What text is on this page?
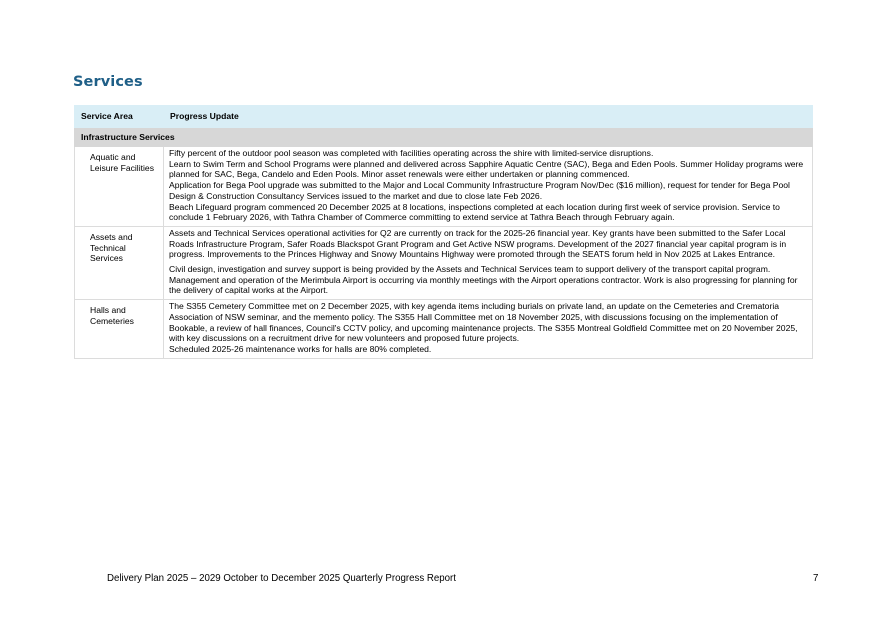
Services
Service Area	Progress Update
Infrastructure Services	
Aquatic and Leisure Facilities	Fifty percent of the outdoor pool season was completed with facilities operating across the shire with limited-service disruptions.

Learn to Swim Term and School Programs were planned and delivered across Sapphire Aquatic Centre (SAC), Bega and Eden Pools. Summer Holiday programs were planned for SAC, Bega, Candelo and Eden Pools. Minor asset renewals were either undertaken or planning commenced.

Application for Bega Pool upgrade was submitted to the Major and Local Community Infrastructure Program Nov/Dec ($16 million), request for tender for Bega Pool Design & Construction Consultancy Services issued to the market and due to close late Feb 2026.

Beach Lifeguard program commenced 20 December 2025 at 8 locations, inspections completed at each location during first week of service provision. Service to conclude 1 February 2026, with Tathra Chamber of Commerce committing to extend service at Tathra Beach through February again.

Assets and Technical Services	Assets and Technical Services operational activities for Q2 are currently on track for the 2025-26 financial year. Key grants have been submitted to the Safer Local Roads Infrastructure Program, Safer Roads Blackspot Grant Program and Get Active NSW programs. Development of the 2027 financial year capital program is in progress. Improvements to the Princes Highway and Snowy Mountains Highway were promoted through the SEATS forum held in Nov 2025 at Lakes Entrance.

Civil design, investigation and survey support is being provided by the Assets and Technical Services team to support delivery of the transport capital program. Management and operation of the Merimbula Airport is occurring via monthly meetings with the Airport operations contractor. Work is also progressing for planning for the delivery of capital works at the Airport.

Halls and Cemeteries	The S355 Cemetery Committee met on 2 December 2025, with key agenda items including burials on private land, an update on the Cemeteries and Crematoria Association of NSW seminar, and the memento policy. The S355 Hall Committee met on 18 November 2025, with discussions focusing on the implementation of Bookable, a review of hall finances, Council's CCTV policy, and upcoming maintenance projects. The S355 Montreal Goldfield Committee met on 20 November 2025, with key discussions on a recruitment drive for new volunteers and proposed future projects.

Scheduled 2025-26 maintenance works for halls are 80% completed.

Delivery Plan 2025 – 2029 October to December 2025 Quarterly Progress Report	7
